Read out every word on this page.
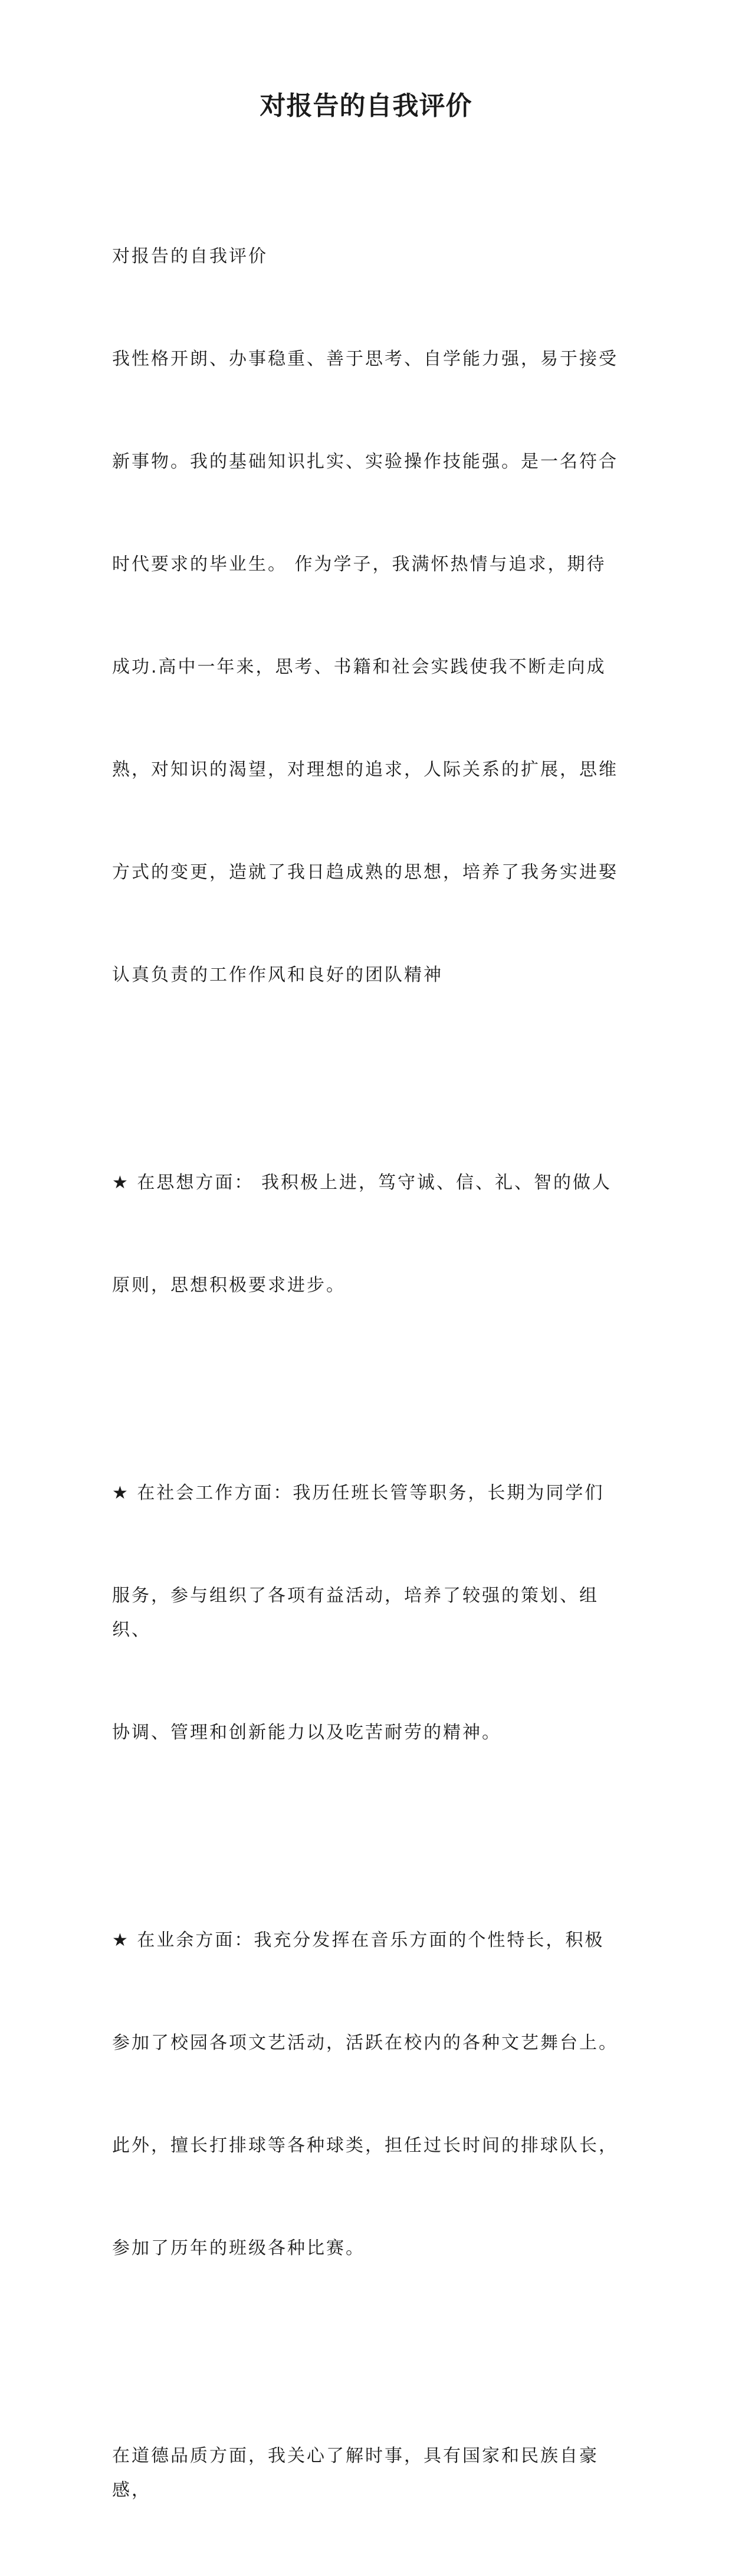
对报告的自我评价

对报告的自我评价

我性格开朗、办事稳重、善于思考、自学能力强，易于接受

新事物。我的基础知识扎实、实验操作技能强。是一名符合

时代要求的毕业生。 作为学子，我满怀热情与追求，期待

成功.高中一年来，思考、书籍和社会实践使我不断走向成

熟，对知识的渴望，对理想的追求，人际关系的扩展，思维

方式的变更，造就了我日趋成熟的思想，培养了我务实进娶

认真负责的工作作风和良好的团队精神

★ 在思想方面： 我积极上进，笃守诚、信、礼、智的做人

原则，思想积极要求进步。

★ 在社会工作方面：我历任班长管等职务，长期为同学们

服务，参与组织了各项有益活动，培养了较强的策划、组织、

协调、管理和创新能力以及吃苦耐劳的精神。

★ 在业余方面：我充分发挥在音乐方面的个性特长，积极

参加了校园各项文艺活动，活跃在校内的各种文艺舞台上。

此外，擅长打排球等各种球类，担任过长时间的排球队长，

参加了历年的班级各种比赛。

在道德品质方面，我关心了解时事，具有国家和民族自豪感，
